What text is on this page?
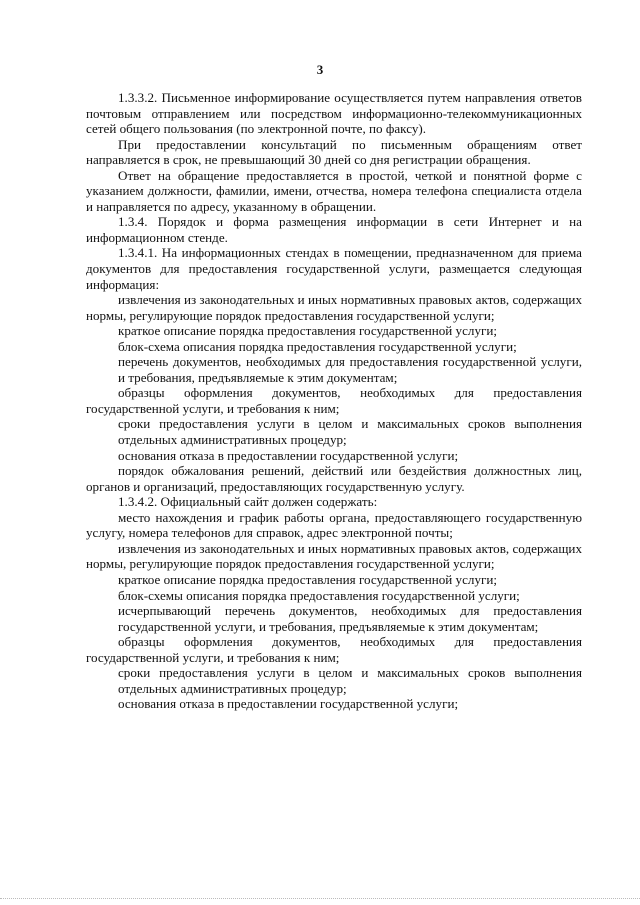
3

1.3.3.2. Письменное информирование осуществляется путем направления ответов почтовым отправлением или посредством информационно-телекоммуникационных сетей общего пользования (по электронной почте, по факсу).

При предоставлении консультаций по письменным обращениям ответ направляется в срок, не превышающий 30 дней со дня регистрации обращения.

Ответ на обращение предоставляется в простой, четкой и понятной форме с указанием должности, фамилии, имени, отчества, номера телефона специалиста отдела и направляется по адресу, указанному в обращении.

1.3.4. Порядок и форма размещения информации в сети Интернет и на информационном стенде.

1.3.4.1. На информационных стендах в помещении, предназначенном для приема документов для предоставления государственной услуги, размещается следующая информация:

извлечения из законодательных и иных нормативных правовых актов, содержащих нормы, регулирующие порядок предоставления государственной услуги;

краткое описание порядка предоставления государственной услуги;

блок-схема описания порядка предоставления государственной услуги;

перечень документов, необходимых для предоставления государственной услуги, и требования, предъявляемые к этим документам;

образцы оформления документов, необходимых для предоставления государственной услуги, и требования к ним;

сроки предоставления услуги в целом и максимальных сроков выполнения отдельных административных процедур;

основания отказа в предоставлении государственной услуги;

порядок обжалования решений, действий или бездействия должностных лиц, органов и организаций, предоставляющих государственную услугу.

1.3.4.2. Официальный сайт должен содержать:

место нахождения и график работы органа, предоставляющего государственную услугу, номера телефонов для справок, адрес электронной почты;

извлечения из законодательных и иных нормативных правовых актов, содержащих нормы, регулирующие порядок предоставления государственной услуги;

краткое описание порядка предоставления государственной услуги;

блок-схемы описания порядка предоставления государственной услуги;

исчерпывающий перечень документов, необходимых для предоставления государственной услуги, и требования, предъявляемые к этим документам;

образцы оформления документов, необходимых для предоставления государственной услуги, и требования к ним;

сроки предоставления услуги в целом и максимальных сроков выполнения отдельных административных процедур;

основания отказа в предоставлении государственной услуги;
